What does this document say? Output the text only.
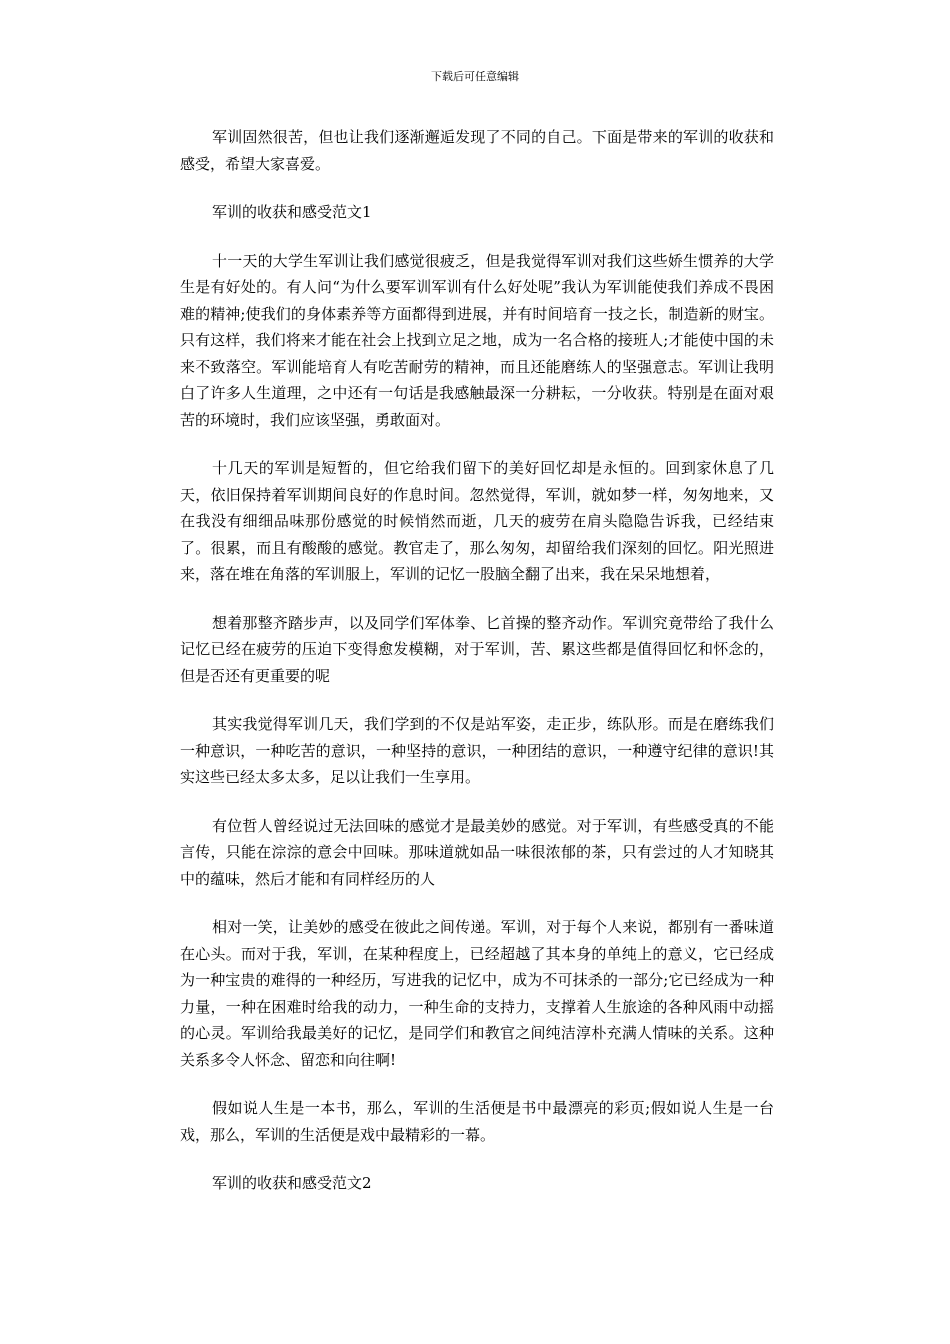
下载后可任意编辑

军训固然很苦，但也让我们逐渐邂逅发现了不同的自己。下面是带来的军训的收获和感受，希望大家喜爱。

军训的收获和感受范文1

十一天的大学生军训让我们感觉很疲乏，但是我觉得军训对我们这些娇生惯养的大学生是有好处的。有人问“为什么要军训军训有什么好处呢”我认为军训能使我们养成不畏困难的精神;使我们的身体素养等方面都得到进展，并有时间培育一技之长，制造新的财宝。只有这样，我们将来才能在社会上找到立足之地，成为一名合格的接班人;才能使中国的未来不致落空。军训能培育人有吃苦耐劳的精神，而且还能磨练人的坚强意志。军训让我明白了许多人生道理，之中还有一句话是我感触最深一分耕耘，一分收获。特别是在面对艰苦的环境时，我们应该坚强，勇敢面对。

十几天的军训是短暂的，但它给我们留下的美好回忆却是永恒的。回到家休息了几天，依旧保持着军训期间良好的作息时间。忽然觉得，军训，就如梦一样，匆匆地来，又在我没有细细品味那份感觉的时候悄然而逝，几天的疲劳在肩头隐隐告诉我，已经结束了。很累，而且有酸酸的感觉。教官走了，那么匆匆，却留给我们深刻的回忆。阳光照进来，落在堆在角落的军训服上，军训的记忆一股脑全翻了出来，我在呆呆地想着，

想着那整齐踏步声，以及同学们军体拳、匕首操的整齐动作。军训究竟带给了我什么记忆已经在疲劳的压迫下变得愈发模糊，对于军训，苦、累这些都是值得回忆和怀念的，但是否还有更重要的呢

其实我觉得军训几天，我们学到的不仅是站军姿，走正步，练队形。而是在磨练我们一种意识，一种吃苦的意识，一种坚持的意识，一种团结的意识，一种遵守纪律的意识!其实这些已经太多太多，足以让我们一生享用。

有位哲人曾经说过无法回味的感觉才是最美妙的感觉。对于军训，有些感受真的不能言传，只能在淙淙的意会中回味。那味道就如品一味很浓郁的茶，只有尝过的人才知晓其中的蕴味，然后才能和有同样经历的人

相对一笑，让美妙的感受在彼此之间传递。军训，对于每个人来说，都别有一番味道在心头。而对于我，军训，在某种程度上，已经超越了其本身的单纯上的意义，它已经成为一种宝贵的难得的一种经历，写进我的记忆中，成为不可抹杀的一部分;它已经成为一种力量，一种在困难时给我的动力，一种生命的支持力，支撑着人生旅途的各种风雨中动摇的心灵。军训给我最美好的记忆，是同学们和教官之间纯洁淳朴充满人情味的关系。这种关系多令人怀念、留恋和向往啊!

假如说人生是一本书，那么，军训的生活便是书中最漂亮的彩页;假如说人生是一台戏，那么，军训的生活便是戏中最精彩的一幕。

军训的收获和感受范文2
